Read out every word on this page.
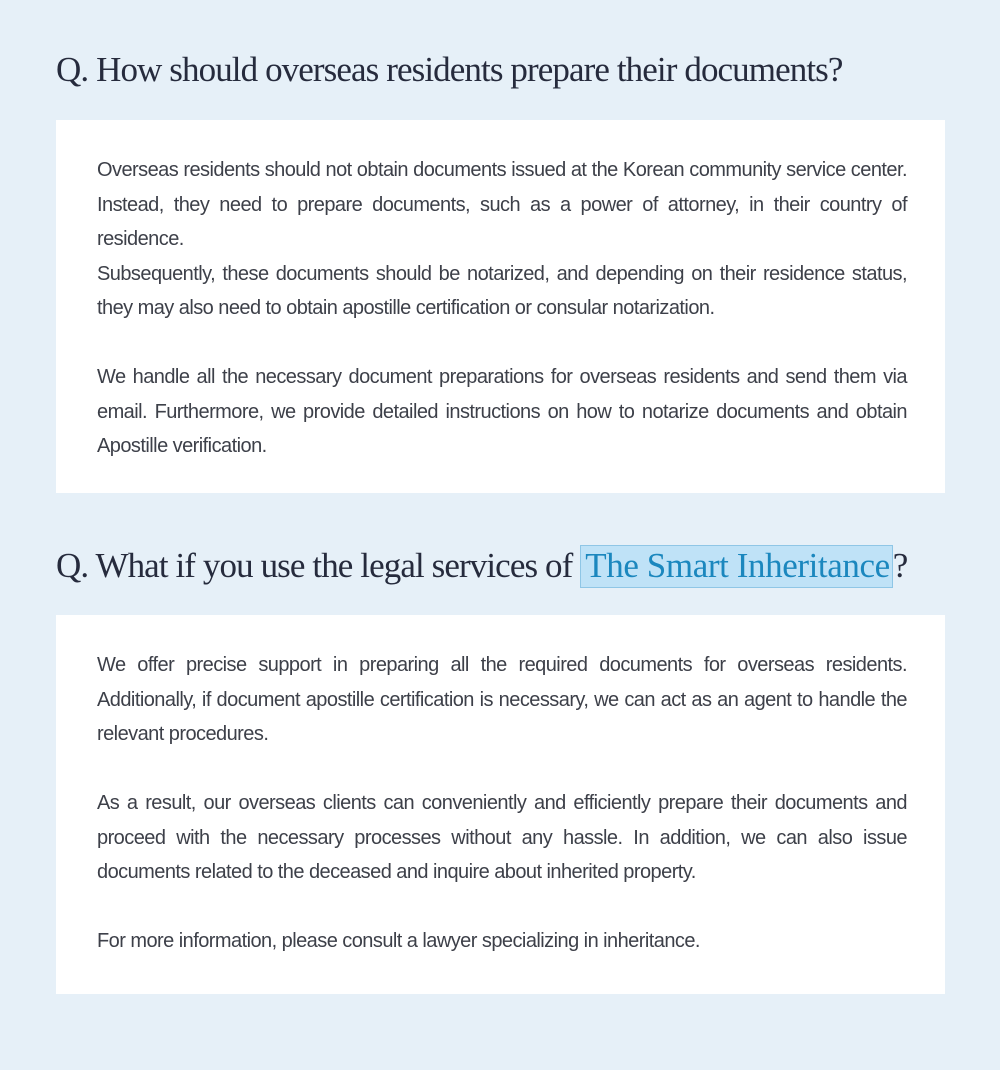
Q. How should overseas residents prepare their documents?

Overseas residents should not obtain documents issued at the Korean community service center. Instead, they need to prepare documents, such as a power of attorney, in their country of residence.

Subsequently, these documents should be notarized, and depending on their residence status, they may also need to obtain apostille certification or consular notarization.

We handle all the necessary document preparations for overseas residents and send them via email. Furthermore, we provide detailed instructions on how to notarize documents and obtain Apostille verification.

Q. What if you use the legal services of The Smart Inheritance?

We offer precise support in preparing all the required documents for overseas residents. Additionally, if document apostille certification is necessary, we can act as an agent to handle the relevant procedures.

As a result, our overseas clients can conveniently and efficiently prepare their documents and proceed with the necessary processes without any hassle. In addition, we can also issue documents related to the deceased and inquire about inherited property.

For more information, please consult a lawyer specializing in inheritance.
